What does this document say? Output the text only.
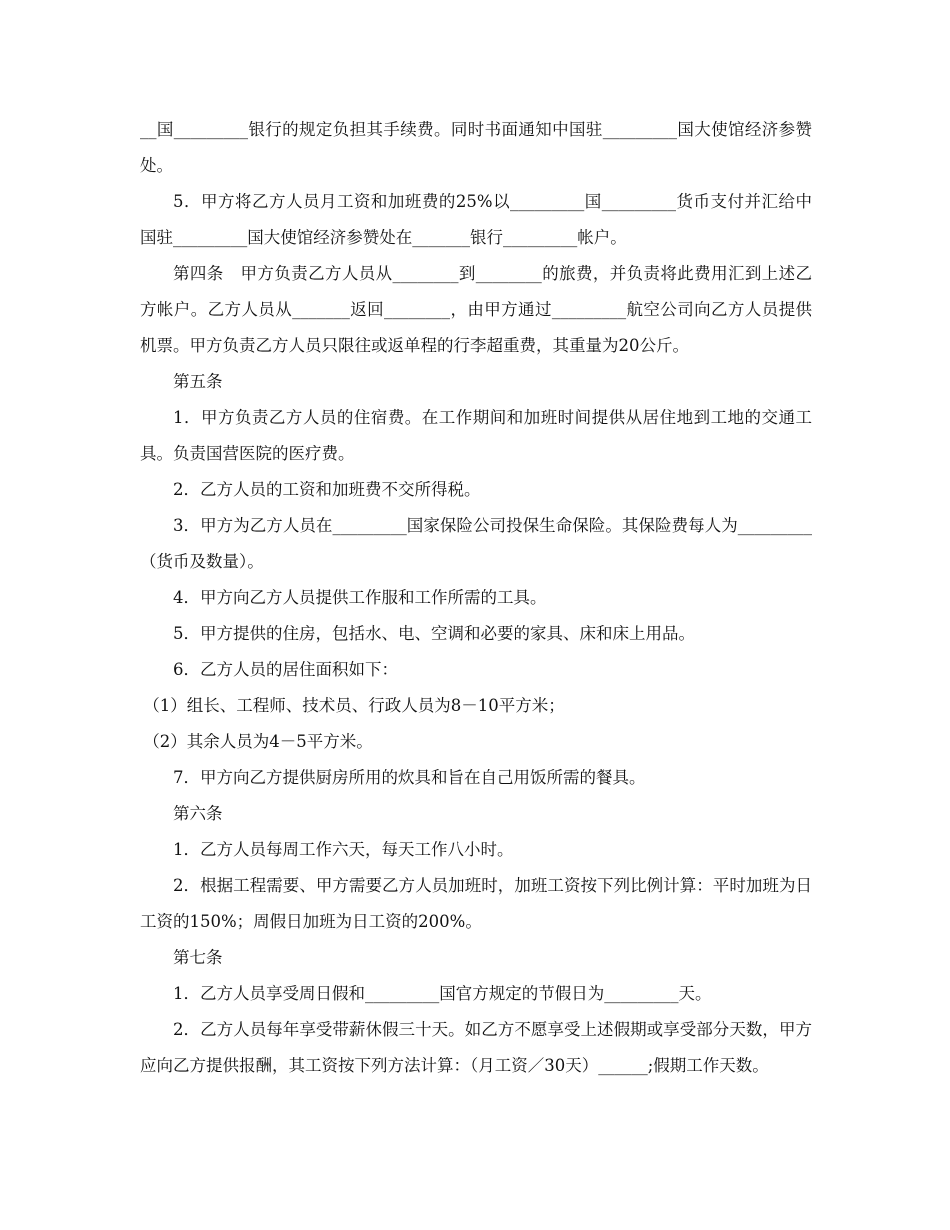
__国_________银行的规定负担其手续费。同时书面通知中国驻_________国大使馆经济参赞处。

5．甲方将乙方人员月工资和加班费的25%以_________国_________货币支付并汇给中国驻_________国大使馆经济参赞处在_______银行_________帐户。

第四条　甲方负责乙方人员从________到________的旅费，并负责将此费用汇到上述乙方帐户。乙方人员从_______返回________，由甲方通过_________航空公司向乙方人员提供机票。甲方负责乙方人员只限往或返单程的行李超重费，其重量为20公斤。

第五条

1．甲方负责乙方人员的住宿费。在工作期间和加班时间提供从居住地到工地的交通工具。负责国营医院的医疗费。

2．乙方人员的工资和加班费不交所得税。

3．甲方为乙方人员在_________国家保险公司投保生命保险。其保险费每人为_________（货币及数量）。

4．甲方向乙方人员提供工作服和工作所需的工具。

5．甲方提供的住房，包括水、电、空调和必要的家具、床和床上用品。

6．乙方人员的居住面积如下：

（1）组长、工程师、技术员、行政人员为8－10平方米；

（2）其余人员为4－5平方米。

7．甲方向乙方提供厨房所用的炊具和旨在自己用饭所需的餐具。

第六条

1．乙方人员每周工作六天，每天工作八小时。

2．根据工程需要、甲方需要乙方人员加班时，加班工资按下列比例计算：平时加班为日工资的150%；周假日加班为日工资的200%。

第七条

1．乙方人员享受周日假和_________国官方规定的节假日为_________天。

2．乙方人员每年享受带薪休假三十天。如乙方不愿享受上述假期或享受部分天数，甲方应向乙方提供报酬，其工资按下列方法计算：（月工资／30天）______;假期工作天数。
